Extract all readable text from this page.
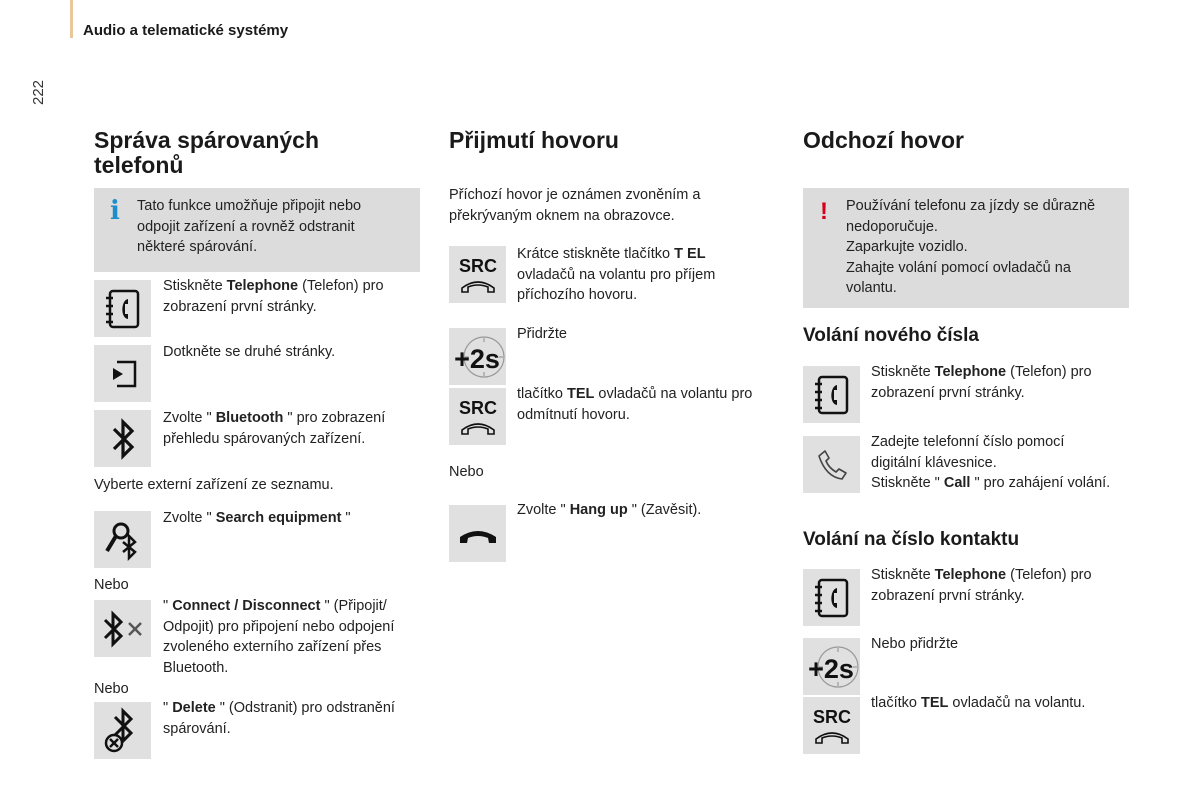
Audio a telematické systémy
222
Správa spárovaných
telefonů
i Tato funkce umožňuje připojit nebo
odpojit zařízení a rovněž odstranit
některé spárování.
Stiskněte Telephone (Telefon) pro
zobrazení první stránky.
Dotkněte se druhé stránky.
Zvolte " Bluetooth " pro zobrazení
přehledu spárovaných zařízení.
Vyberte externí zařízení ze seznamu.
Zvolte " Search equipment "
Nebo
" Connect / Disconnect " (Připojit/
Odpojit) pro připojení nebo odpojení
zvoleného externího zařízení přes
Bluetooth.
Nebo
" Delete " (Odstranit) pro odstranění
spárování.
Přijmutí hovoru
Příchozí hovor je oznámen zvoněním a
překrývaným oknem na obrazovce.
SRC
Krátce stiskněte tlačítko T EL
ovladačů na volantu pro příjem
příchozího hovoru.
+2s
Přidržte
SRC
tlačítko TEL ovladačů na volantu pro
odmítnutí hovoru.
Nebo
Zvolte " Hang up " (Zavěsit).
Odchozí hovor
! Používání telefonu za jízdy se důrazně
nedoporučuje.
Zaparkujte vozidlo.
Zahajte volání pomocí ovladačů na
volantu.
Volání nového čísla
Stiskněte Telephone (Telefon) pro
zobrazení první stránky.
Zadejte telefonní číslo pomocí
digitální klávesnice.
Stiskněte " Call " pro zahájení volání.
Volání na číslo kontaktu
Stiskněte Telephone (Telefon) pro
zobrazení první stránky.
+2s
Nebo přidržte
SRC
tlačítko TEL ovladačů na volantu.
